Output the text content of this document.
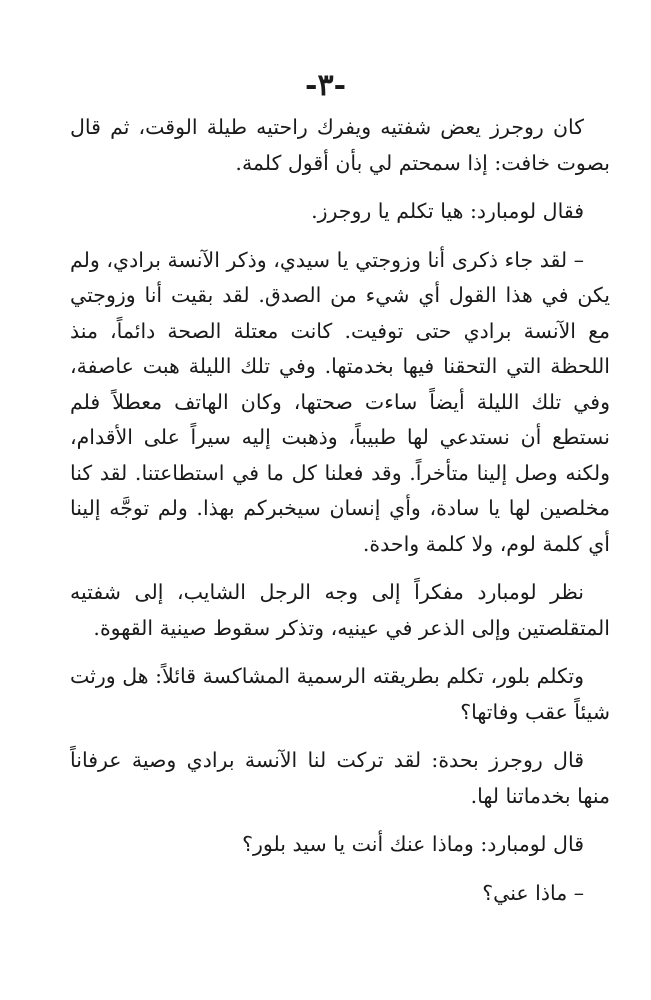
-٣-

كان روجرز يعض شفتيه ويفرك راحتيه طيلة الوقت، ثم قال بصوت خافت: إذا سمحتم لي بأن أقول كلمة.

فقال لومبارد: هيا تكلم يا روجرز.

– لقد جاء ذكرى أنا وزوجتي يا سيدي، وذكر الآنسة برادي، ولم يكن في هذا القول أي شيء من الصدق. لقد بقيت أنا وزوجتي مع الآنسة برادي حتى توفيت. كانت معتلة الصحة دائماً، منذ اللحظة التي التحقنا فيها بخدمتها. وفي تلك الليلة هبت عاصفة، وفي تلك الليلة أيضاً ساءت صحتها، وكان الهاتف معطلاً فلم نستطع أن نستدعي لها طبيباً، وذهبت إليه سيراً على الأقدام، ولكنه وصل إلينا متأخراً. وقد فعلنا كل ما في استطاعتنا. لقد كنا مخلصين لها يا سادة، وأي إنسان سيخبركم بهذا. ولم توجَّه إلينا أي كلمة لوم، ولا كلمة واحدة.

نظر لومبارد مفكراً إلى وجه الرجل الشايب، إلى شفتيه المتقلصتين وإلى الذعر في عينيه، وتذكر سقوط صينية القهوة.

وتكلم بلور، تكلم بطريقته الرسمية المشاكسة قائلاً: هل ورثت شيئاً عقب وفاتها؟

قال روجرز بحدة: لقد تركت لنا الآنسة برادي وصية عرفاناً منها بخدماتنا لها.

قال لومبارد: وماذا عنك أنت يا سيد بلور؟

– ماذا عني؟
